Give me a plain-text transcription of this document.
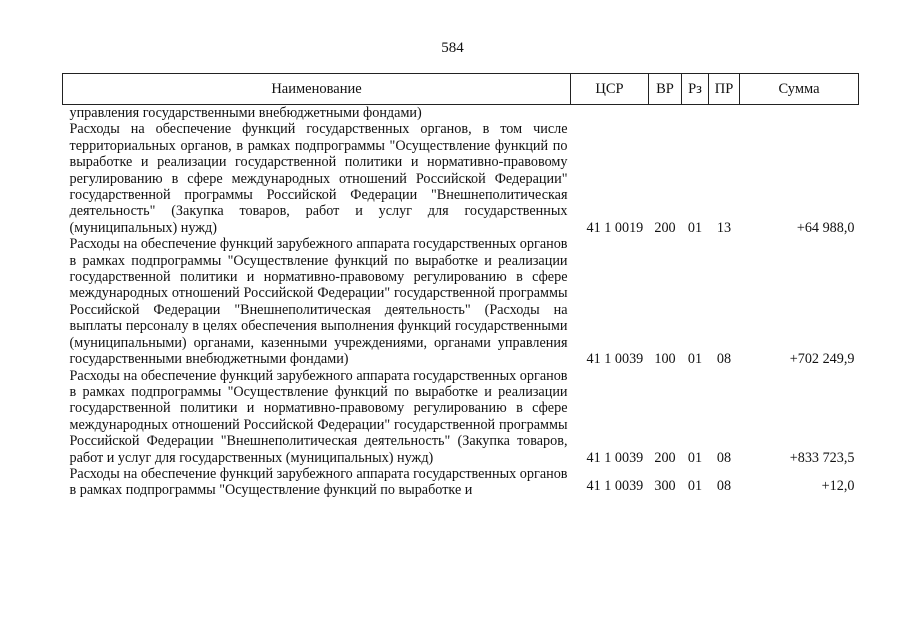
584
Наименование	ЦСР	ВР	Рз	ПР	Сумма

управления государственными внебюджетными фондами)					

Расходы на обеспечение функций государственных органов, в том числе территориальных органов, в рамках подпрограммы "Осуществление функций по выработке и реализации государственной политики и нормативно-правовому регулированию в сфере международных отношений Российской Федерации" государственной программы Российской Федерации "Внешнеполитическая деятельность" (Закупка товаров, работ и услуг для государственных (муниципальных) нужд)	41 1 0019	200	01	13	+64 988,0

Расходы на обеспечение функций зарубежного аппарата государственных органов в рамках подпрограммы "Осуществление функций по выработке и реализации государственной политики и нормативно-правовому регулированию в сфере международных отношений Российской Федерации" государственной программы Российской Федерации "Внешнеполитическая деятельность" (Расходы на выплаты персоналу в целях обеспечения выполнения функций государственными (муниципальными) органами, казенными учреждениями, органами управления государственными внебюджетными фондами)	41 1 0039	100	01	08	+702 249,9

Расходы на обеспечение функций зарубежного аппарата государственных органов в рамках подпрограммы "Осуществление функций по выработке и реализации государственной политики и нормативно-правовому регулированию в сфере международных отношений Российской Федерации" государственной программы Российской Федерации "Внешнеполитическая деятельность" (Закупка товаров, работ и услуг для государственных (муниципальных) нужд)	41 1 0039	200	01	08	+833 723,5

Расходы на обеспечение функций зарубежного аппарата государственных органов в рамках подпрограммы "Осуществление функций по выработке и	41 1 0039	300	01	08	+12,0
